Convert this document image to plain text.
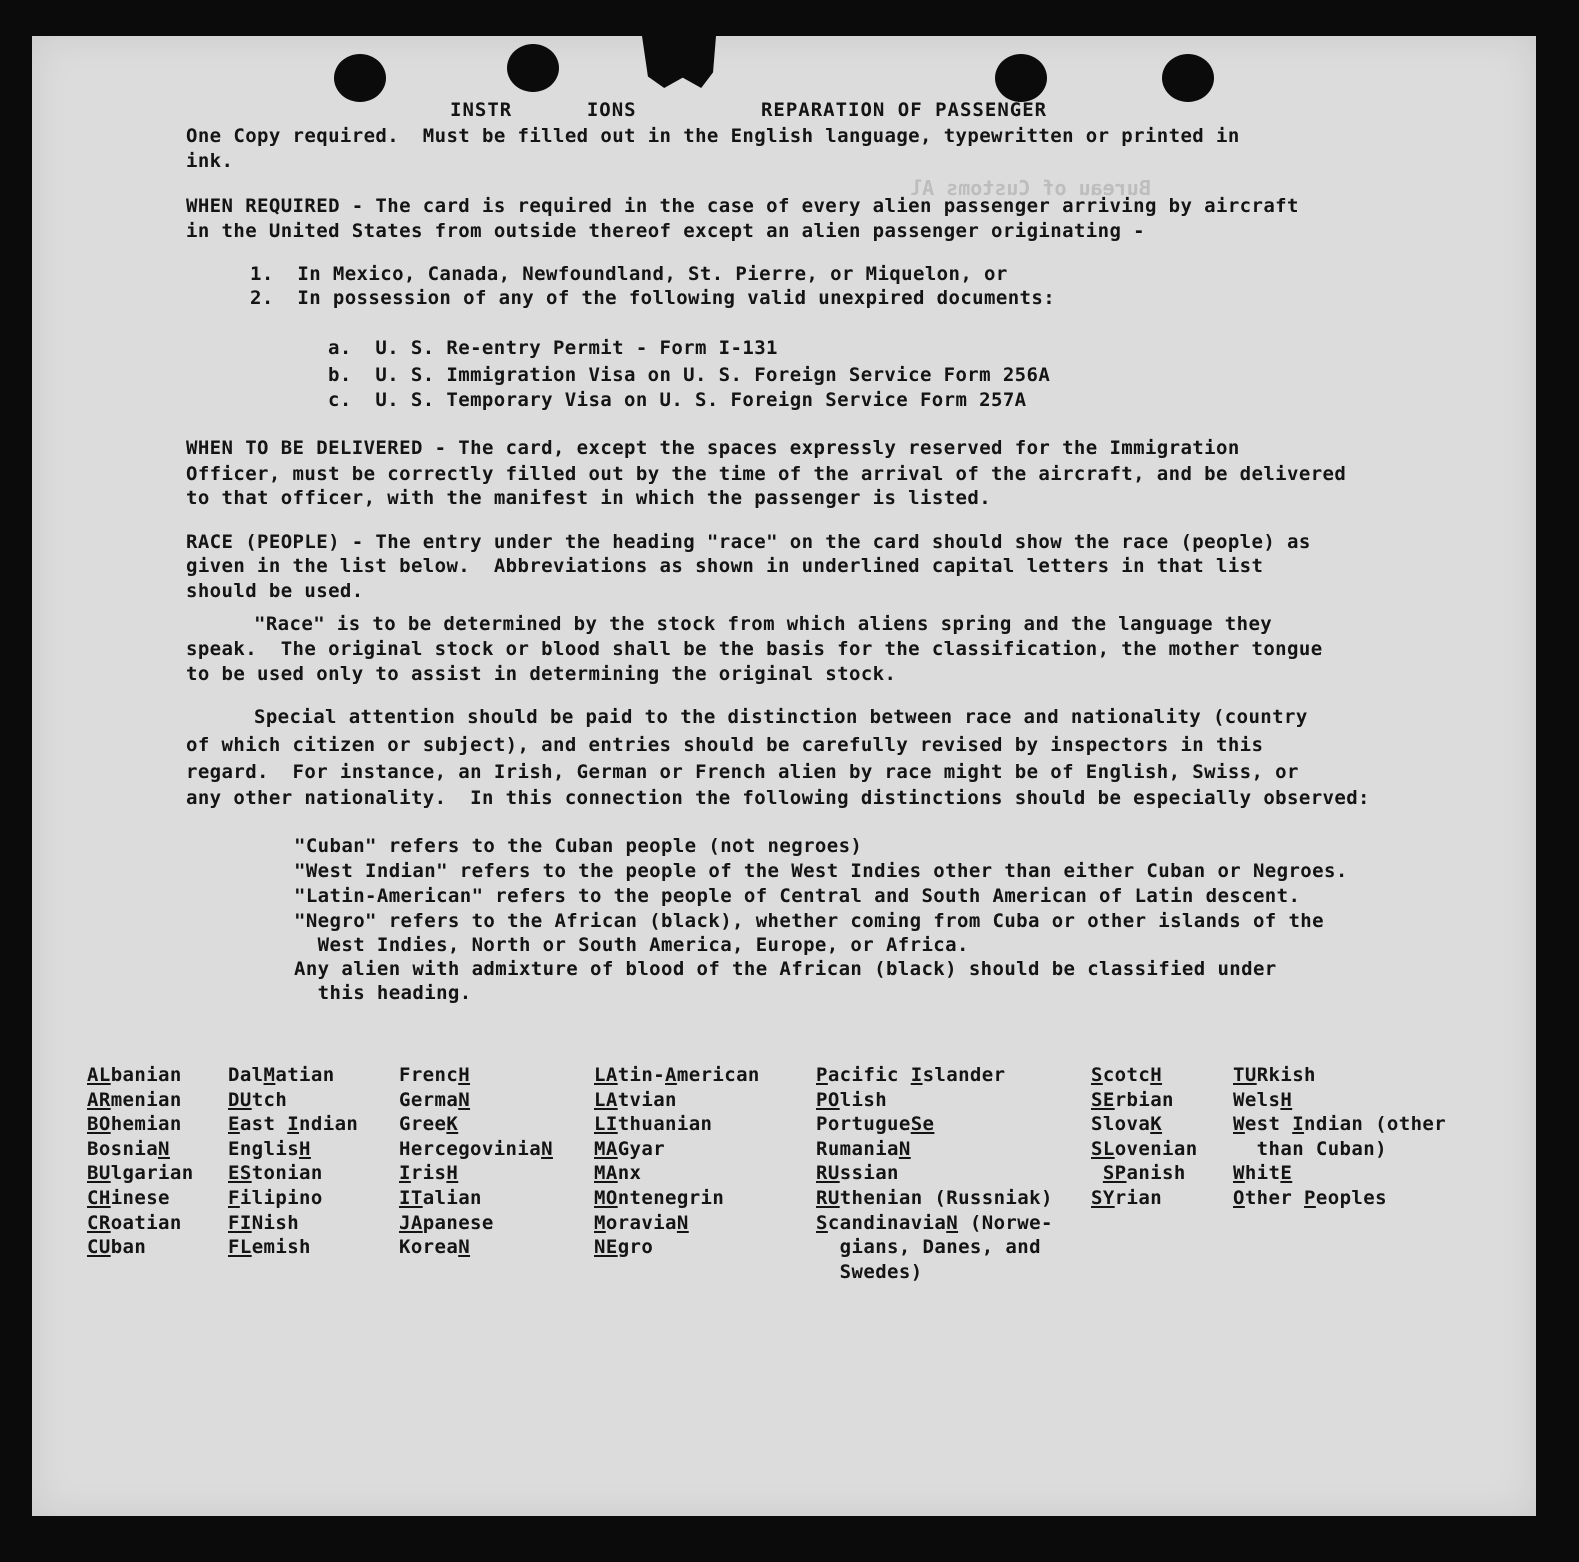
Bureau of Customs Al

INSTR      IONS          REPARATION OF PASSENGER

One Copy required.  Must be filled out in the English language, typewritten or printed in

ink.

WHEN REQUIRED - The card is required in the case of every alien passenger arriving by aircraft

in the United States from outside thereof except an alien passenger originating -

1.  In Mexico, Canada, Newfoundland, St. Pierre, or Miquelon, or

2.  In possession of any of the following valid unexpired documents:

a.  U. S. Re-entry Permit - Form I-131

b.  U. S. Immigration Visa on U. S. Foreign Service Form 256A

c.  U. S. Temporary Visa on U. S. Foreign Service Form 257A

WHEN TO BE DELIVERED - The card, except the spaces expressly reserved for the Immigration

Officer, must be correctly filled out by the time of the arrival of the aircraft, and be delivered

to that officer, with the manifest in which the passenger is listed.

RACE (PEOPLE) - The entry under the heading "race" on the card should show the race (people) as

given in the list below.  Abbreviations as shown in underlined capital letters in that list

should be used.

"Race" is to be determined by the stock from which aliens spring and the language they

speak.  The original stock or blood shall be the basis for the classification, the mother tongue

to be used only to assist in determining the original stock.

Special attention should be paid to the distinction between race and nationality (country

of which citizen or subject), and entries should be carefully revised by inspectors in this

regard.  For instance, an Irish, German or French alien by race might be of English, Swiss, or

any other nationality.  In this connection the following distinctions should be especially observed:

"Cuban" refers to the Cuban people (not negroes)

"West Indian" refers to the people of the West Indies other than either Cuban or Negroes.

"Latin-American" refers to the people of Central and South American of Latin descent.

"Negro" refers to the African (black), whether coming from Cuba or other islands of the

West Indies, North or South America, Europe, or Africa.

Any alien with admixture of blood of the African (black) should be classified under

this heading.

ALbanian
ARmenian
BOhemian
BosniaN
BUlgarian
CHinese
CRoatian
CUban
DalMatian
DUtch
East Indian
EnglisH
EStonian
Filipino
FINish
FLemish
FrencH
GermaN
GreeK
HercegoviniaN
IrisH
ITalian
JApanese
KoreaN
LAtin-American
LAtvian
LIthuanian
MAGyar
MAnx
MOntenegrin
MoraviaN
NEgro
Pacific Islander
POlish
PortugueSe
RumaniaN
RUssian
RUthenian (Russniak)
ScandinaviaN (Norwe-
gians, Danes, and
Swedes)
ScotcH
SErbian
SlovaK
SLovenian
SPanish
SYrian
TURkish
WelsH
West Indian (other
than Cuban)
WhitE
Other Peoples
